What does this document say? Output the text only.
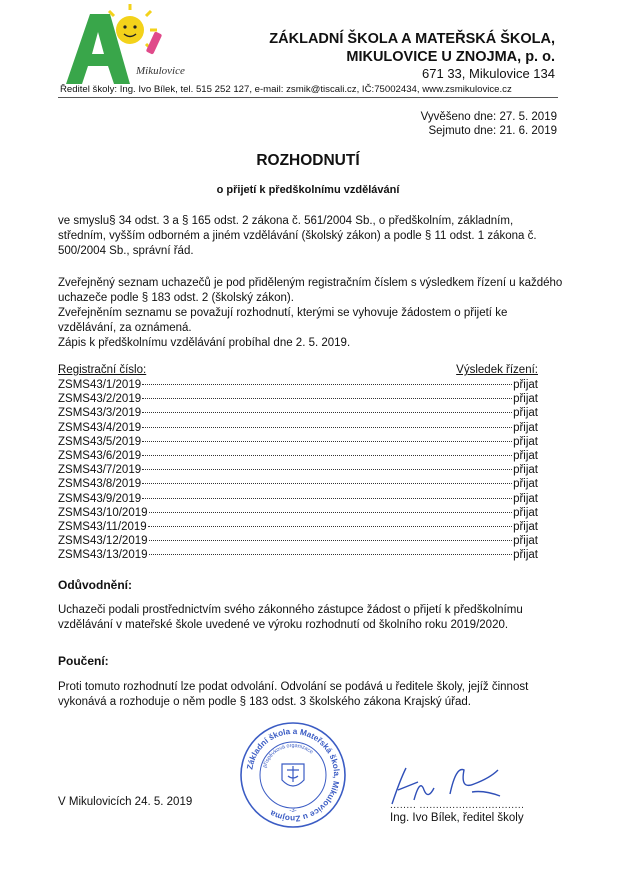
Mikulovice
ZÁKLADNÍ ŠKOLA A MATEŘSKÁ ŠKOLA,
MIKULOVICE U ZNOJMA, p. o.
671 33, Mikulovice 134
Ředitel školy: Ing. Ivo Bílek, tel. 515 252 127, e-mail: zsmik@tiscali.cz, IČ:75002434, www.zsmikulovice.cz
Vyvěšeno dne: 27. 5. 2019
Sejmuto dne: 21. 6. 2019
ROZHODNUTÍ
o přijetí k předškolnímu vzdělávání
ve smyslu§ 34 odst. 3 a § 165 odst. 2 zákona č. 561/2004 Sb., o předškolním, základním, středním, vyšším odborném a jiném vzdělávání (školský zákon) a podle § 11 odst. 1 zákona č. 500/2004 Sb., správní řád.
Zveřejněný seznam uchazečů je pod přiděleným registračním číslem s výsledkem řízení u každého uchazeče podle § 183 odst. 2 (školský zákon).
Zveřejněním seznamu se považují rozhodnutí, kterými se vyhovuje žádostem o přijetí ke vzdělávání, za oznámená.
Zápis k předškolnímu vzdělávání probíhal dne 2. 5. 2019.
Registrační číslo:	Výsledek řízení:
ZSMS43/1/2019	přijat
ZSMS43/2/2019	přijat
ZSMS43/3/2019	přijat
ZSMS43/4/2019	přijat
ZSMS43/5/2019	přijat
ZSMS43/6/2019	přijat
ZSMS43/7/2019	přijat
ZSMS43/8/2019	přijat
ZSMS43/9/2019	přijat
ZSMS43/10/2019	přijat
ZSMS43/11/2019	přijat
ZSMS43/12/2019	přijat
ZSMS43/13/2019	přijat
Odůvodnění:
Uchazeči podali prostřednictvím svého zákonného zástupce žádost o přijetí k předškolnímu vzdělávání v mateřské škole uvedené ve výroku rozhodnutí od školního roku 2019/2020.
Poučení:
Proti tomuto rozhodnutí lze podat odvolání. Odvolání se podává u ředitele školy, jejíž činnost vykonává a rozhoduje o něm podle § 183 odst. 3 školského zákona Krajský úřad.
Základní škola a Mateřská škola, Mikulovice u Znojma
příspěvková organizace
-3-	........ ................................
V Mikulovicích 24. 5. 2019
Ing. Ivo Bílek, ředitel školy
